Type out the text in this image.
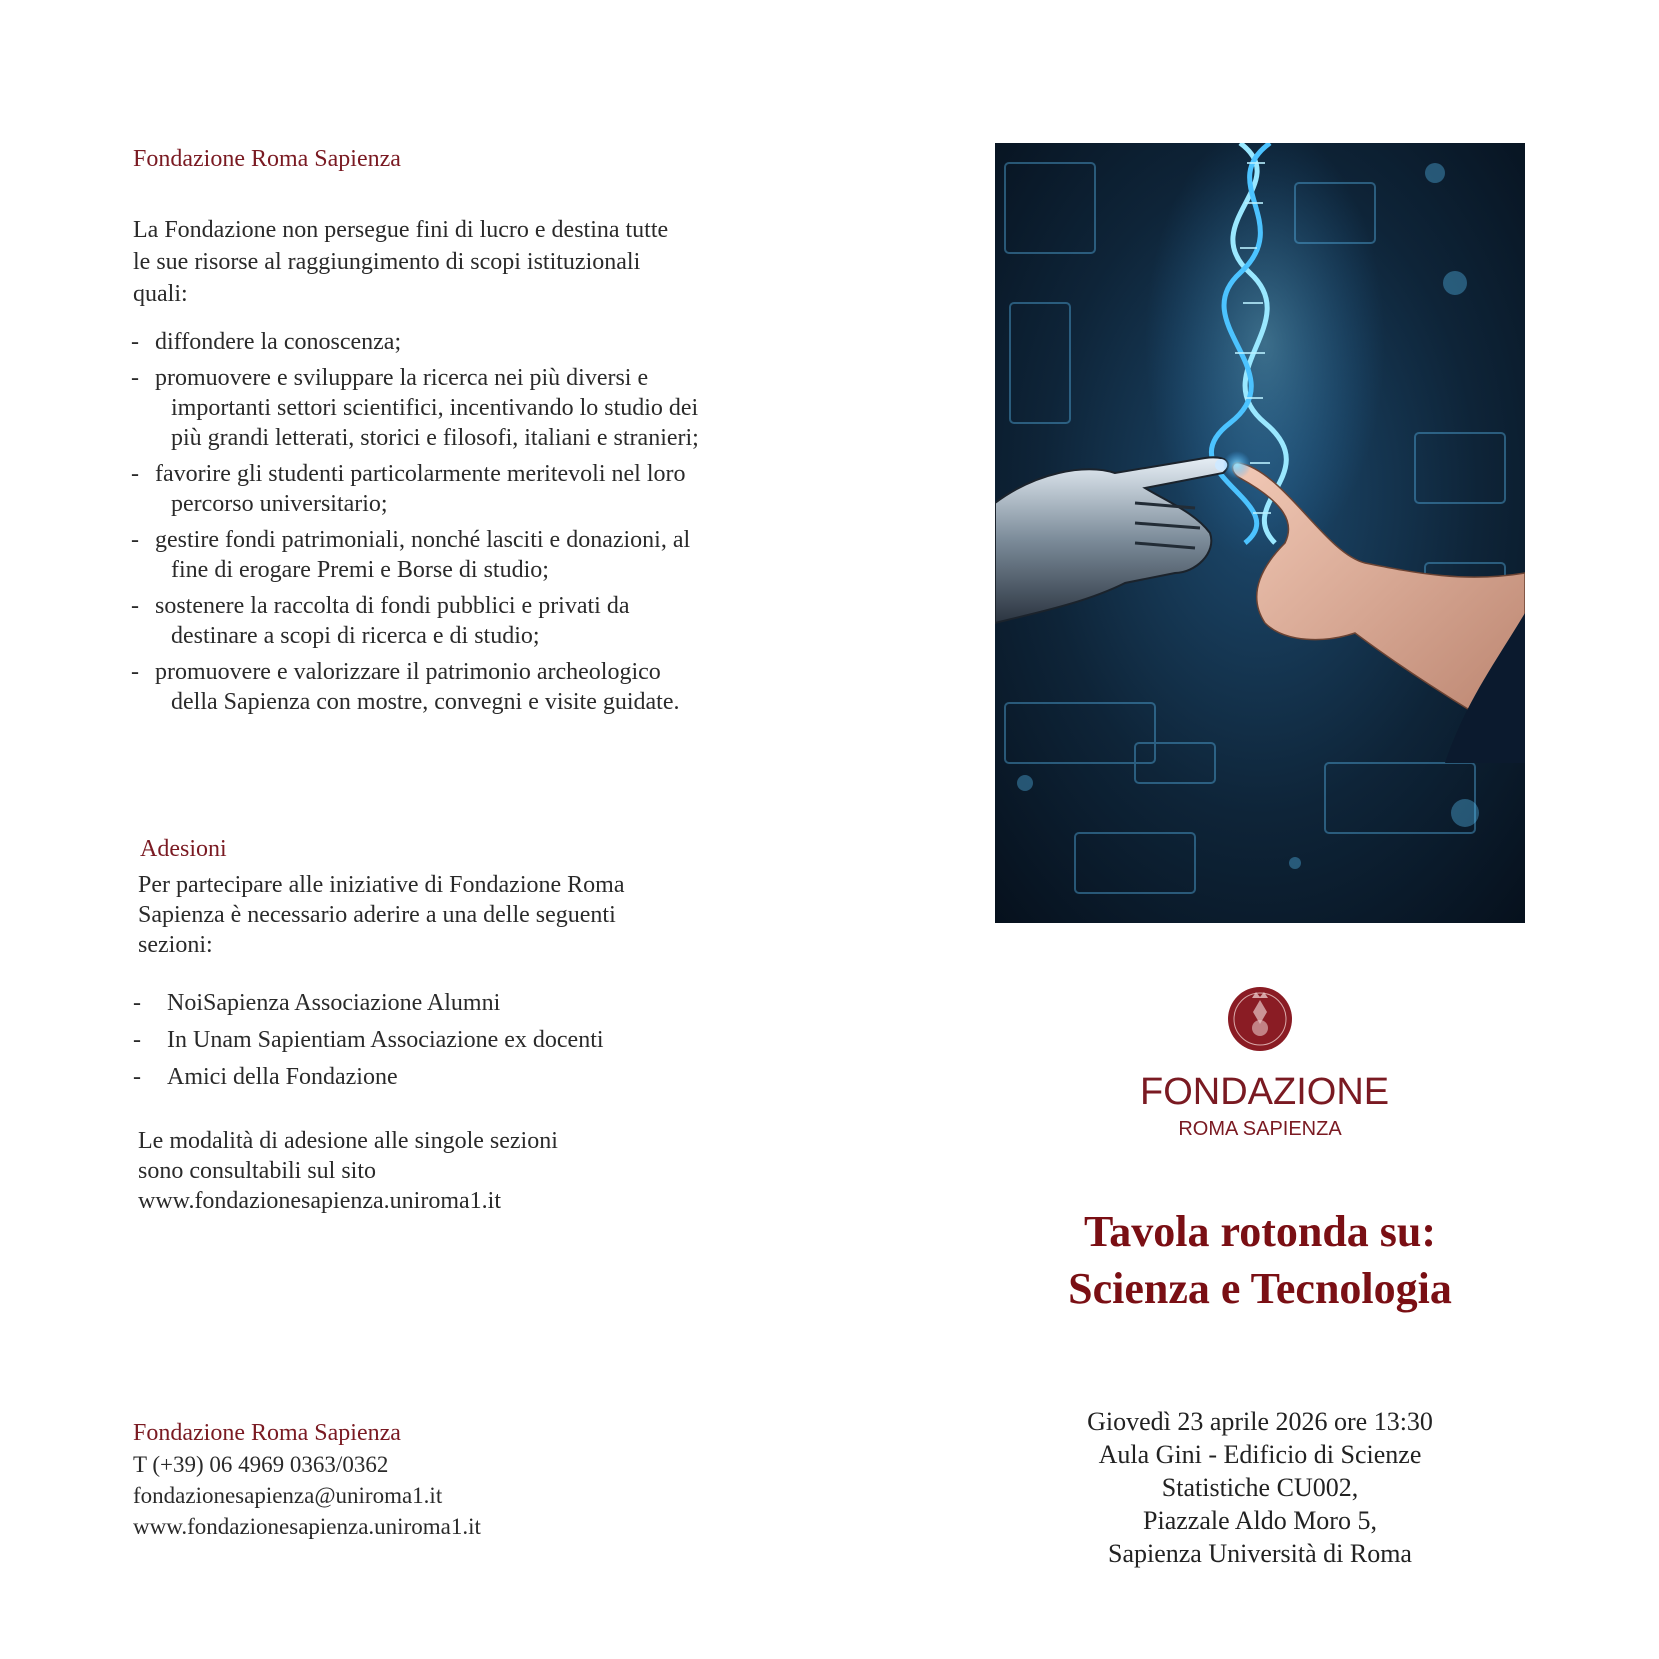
Fondazione Roma Sapienza
La Fondazione non persegue fini di lucro e destina tutte le sue risorse al raggiungimento di scopi istituzionali quali:
- diffondere la conoscenza;
- promuovere e sviluppare la ricerca nei più diversi e importanti settori scientifici, incentivando lo studio dei più grandi letterati, storici e filosofi, italiani e stranieri;
- favorire gli studenti particolarmente meritevoli nel loro percorso universitario;
- gestire fondi patrimoniali, nonché lasciti e donazioni, al fine di erogare Premi e Borse di studio;
- sostenere la raccolta di fondi pubblici e privati da destinare a scopi di ricerca e di studio;
- promuovere e valorizzare il patrimonio archeologico della Sapienza con mostre, convegni e visite guidate.
Adesioni
Per partecipare alle iniziative di Fondazione Roma Sapienza è necessario aderire a una delle seguenti sezioni:
- NoiSapienza Associazione Alumni
- In Unam Sapientiam Associazione ex docenti
- Amici della Fondazione
Le modalità di adesione alle singole sezioni sono consultabili sul sito www.fondazionesapienza.uniroma1.it
Fondazione Roma Sapienza
T (+39) 06 4969 0363/0362
fondazionesapienza@uniroma1.it
www.fondazionesapienza.uniroma1.it
FONDAZIONE
ROMA SAPIENZA
Tavola rotonda su:
Scienza e Tecnologia
Giovedì 23 aprile 2026 ore 13:30
Aula Gini - Edificio di Scienze
Statistiche CU002,
Piazzale Aldo Moro 5,
Sapienza Università di Roma
